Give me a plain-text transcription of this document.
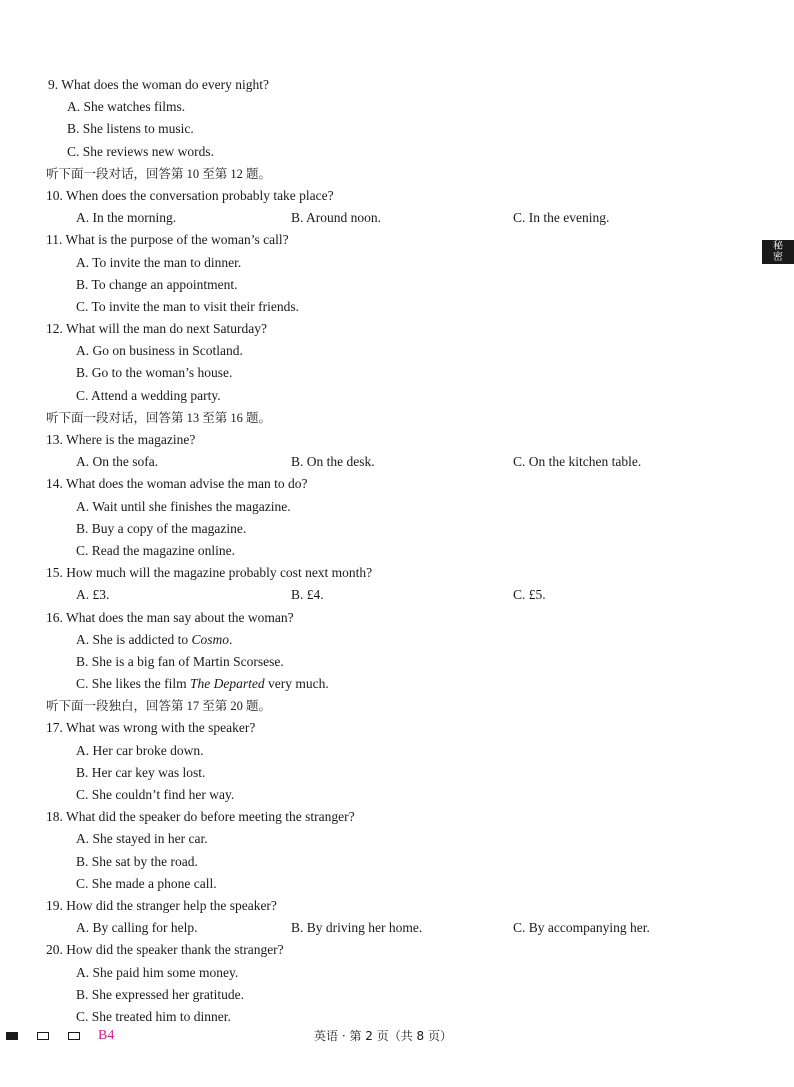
9. What does the woman do every night?
A. She watches films.
B. She listens to music.
C. She reviews new words.
听下面一段对话，回答第 10 至第 12 题。
10. When does the conversation probably take place?
A. In the morning.	B. Around noon.	C. In the evening.
11. What is the purpose of the woman’s call?
A. To invite the man to dinner.
B. To change an appointment.
C. To invite the man to visit their friends.
12. What will the man do next Saturday?
A. Go on business in Scotland.
B. Go to the woman’s house.
C. Attend a wedding party.
听下面一段对话，回答第 13 至第 16 题。
13. Where is the magazine?
A. On the sofa.	B. On the desk.	C. On the kitchen table.
14. What does the woman advise the man to do?
A. Wait until she finishes the magazine.
B. Buy a copy of the magazine.
C. Read the magazine online.
15. How much will the magazine probably cost next month?
A. £3.	B. £4.	C. £5.
16. What does the man say about the woman?
A. She is addicted to Cosmo.
B. She is a big fan of Martin Scorsese.
C. She likes the film The Departed very much.
听下面一段独白，回答第 17 至第 20 题。
17. What was wrong with the speaker?
A. Her car broke down.
B. Her car key was lost.
C. She couldn’t find her way.
18. What did the speaker do before meeting the stranger?
A. She stayed in her car.
B. She sat by the road.
C. She made a phone call.
19. How did the stranger help the speaker?
A. By calling for help.	B. By driving her home.	C. By accompanying her.
20. How did the speaker thank the stranger?
A. She paid him some money.
B. She expressed her gratitude.
C. She treated him to dinner.
秘
密
B4	英语 · 第 2 页（共 8 页）
